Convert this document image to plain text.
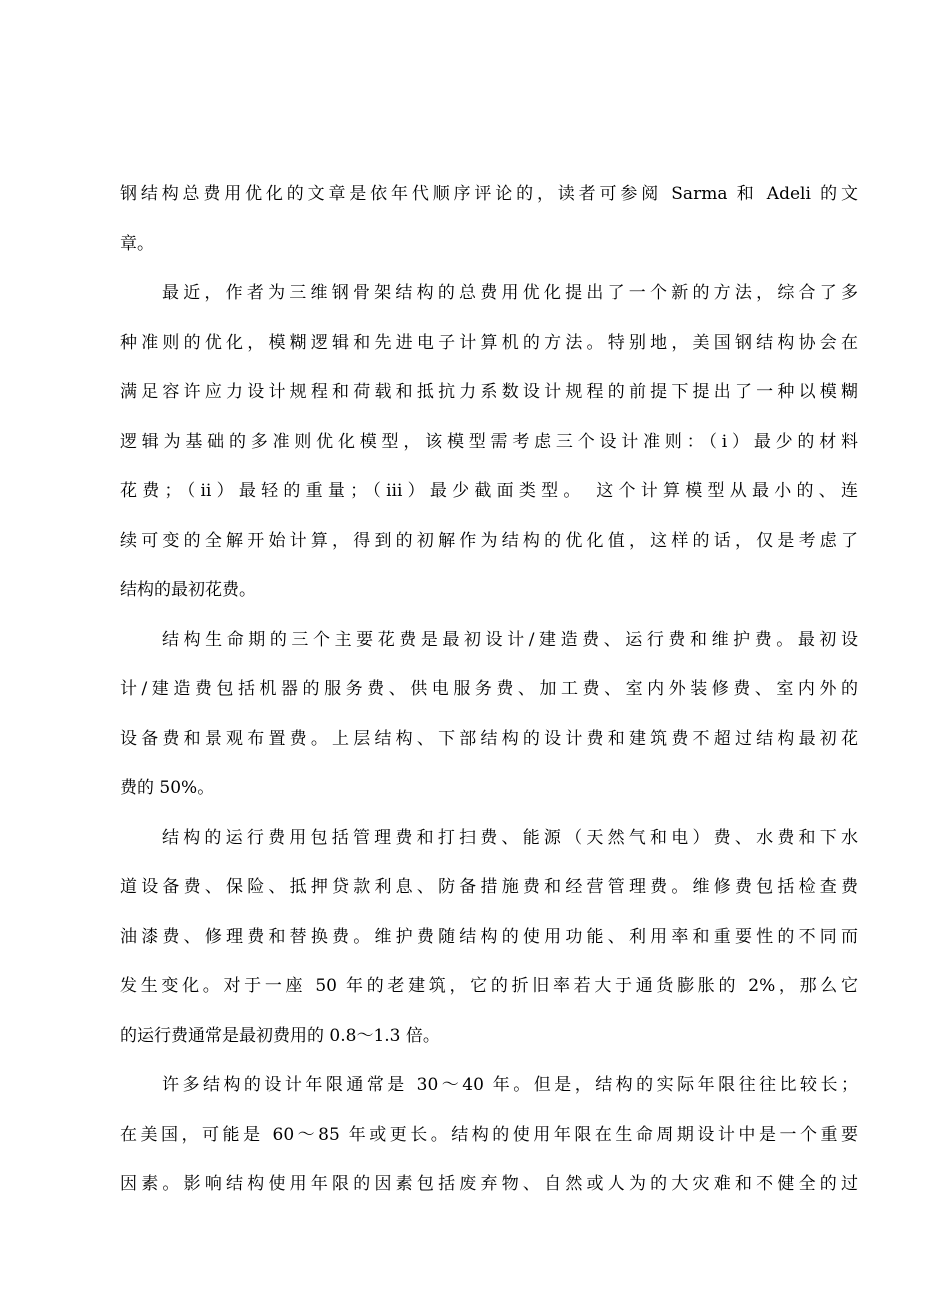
钢结构总费用优化的文章是依年代顺序评论的，读者可参阅 Sarma 和 Adeli 的文
章。
最近，作者为三维钢骨架结构的总费用优化提出了一个新的方法，综合了多
种准则的优化，模糊逻辑和先进电子计算机的方法。特别地，美国钢结构协会在
满足容许应力设计规程和荷载和抵抗力系数设计规程的前提下提出了一种以模糊
逻辑为基础的多准则优化模型，该模型需考虑三个设计准则：（ⅰ）最少的材料
花费；（ⅱ）最轻的重量；（ⅲ）最少截面类型。 这个计算模型从最小的、连
续可变的全解开始计算，得到的初解作为结构的优化值，这样的话，仅是考虑了
结构的最初花费。
结构生命期的三个主要花费是最初设计/建造费、运行费和维护费。最初设
计/建造费包括机器的服务费、供电服务费、加工费、室内外装修费、室内外的
设备费和景观布置费。上层结构、下部结构的设计费和建筑费不超过结构最初花
费的 50%。
结构的运行费用包括管理费和打扫费、能源（天然气和电）费、水费和下水
道设备费、保险、抵押贷款利息、防备措施费和经营管理费。维修费包括检查费
油漆费、修理费和替换费。维护费随结构的使用功能、利用率和重要性的不同而
发生变化。对于一座 50 年的老建筑，它的折旧率若大于通货膨胀的 2%，那么它
的运行费通常是最初费用的 0.8～1.3 倍。
许多结构的设计年限通常是 30～40 年。但是，结构的实际年限往往比较长；
在美国，可能是 60～85 年或更长。结构的使用年限在生命周期设计中是一个重要
因素。影响结构使用年限的因素包括废弃物、自然或人为的大灾难和不健全的过
